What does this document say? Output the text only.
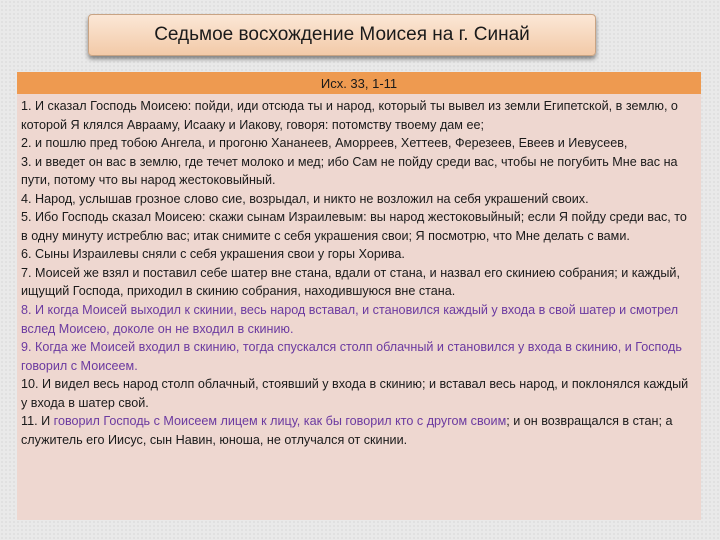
Седьмое восхождение Моисея на г. Синай
Исх. 33, 1-11

1. И сказал Господь Моисею: пойди, иди отсюда ты и народ, который ты вывел из земли Египетской, в землю, о которой Я клялся Аврааму, Исааку и Иакову, говоря: потомству твоему дам ее;

2. и пошлю пред тобою Ангела, и прогоню Хананеев, Аморреев, Хеттеев, Ферезеев, Евеев и Иевусеев,

3. и введет он вас в землю, где течет молоко и мед; ибо Сам не пойду среди вас, чтобы не погубить Мне вас на пути, потому что вы народ жестоковыйный.

4. Народ, услышав грозное слово сие, возрыдал, и никто не возложил на себя украшений своих.

5. Ибо Господь сказал Моисею: скажи сынам Израилевым: вы народ жестоковыйный; если Я пойду среди вас, то в одну минуту истреблю вас; итак снимите с себя украшения свои; Я посмотрю, что Мне делать с вами.

6. Сыны Израилевы сняли с себя украшения свои у горы Хорива.

7. Моисей же взял и поставил себе шатер вне стана, вдали от стана, и назвал его скиниею собрания; и каждый, ищущий Господа, приходил в скинию собрания, находившуюся вне стана.

8. И когда Моисей выходил к скинии, весь народ вставал, и становился каждый у входа в свой шатер и смотрел вслед Моисею, доколе он не входил в скинию.

9. Когда же Моисей входил в скинию, тогда спускался столп облачный и становился у входа в скинию, и Господь говорил с Моисеем.

10. И видел весь народ столп облачный, стоявший у входа в скинию; и вставал весь народ, и поклонялся каждый у входа в шатер свой.

11. И говорил Господь с Моисеем лицем к лицу, как бы говорил кто с другом своим; и он возвращался в стан; а служитель его Иисус, сын Навин, юноша, не отлучался от скинии.
